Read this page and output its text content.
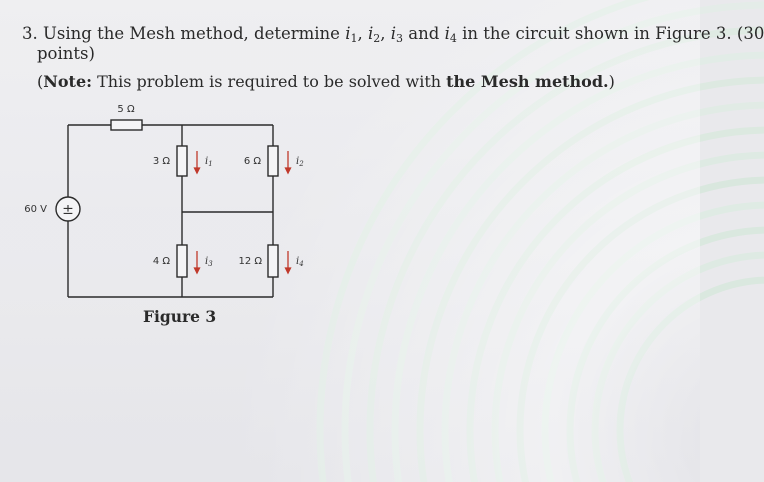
3. Using the Mesh method, determine $i_1$, $i_2$, $i_3$ and $i_4$ in the circuit shown in Figure 3. (30
points)
(Note: This problem is required to be solved with the Mesh method.)
±
60 V
5 Ω
3 Ω	6 Ω
4 Ω	12 Ω
$i_1$	$i_2$
$i_3$	$i_4$
Figure 3
